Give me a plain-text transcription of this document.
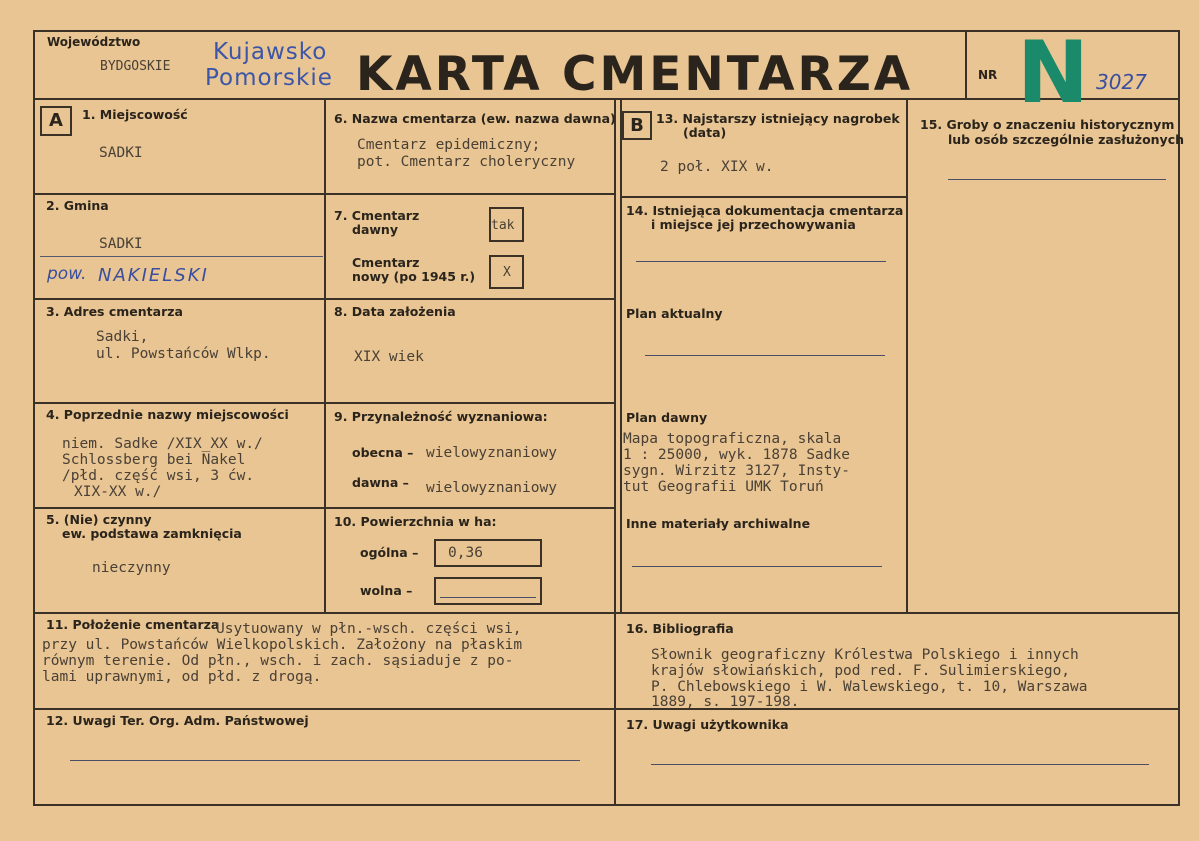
Województwo
BYDGOSKIE
Kujawsko
Pomorskie KARTA CMENTARZA	NR N 3027
A	B
1. Miejscowość
SADKI
2. Gmina
SADKI
pow. NAKIELSKI
3. Adres cmentarza
Sadki,
ul. Powstańców Wlkp.
4. Poprzednie nazwy miejscowości
niem. Sadke /XIX_XX w./
Schlossberg bei Nakel
/płd. część wsi, 3 ćw.
XIX-XX w./
5. (Nie) czynny
ew. podstawa zamknięcia
nieczynny
6. Nazwa cmentarza (ew. nazwa dawna)
Cmentarz epidemiczny;
pot. Cmentarz choleryczny
7. Cmentarz
dawny	tak
Cmentarz
nowy (po 1945 r.) X
8. Data założenia
XIX wiek
9. Przynależność wyznaniowa:
obecna – wielowyznaniowy
dawna – wielowyznaniowy
10. Powierzchnia w ha:
ogólna – 0,36
wolna –
11. Położenie cmentarza
Usytuowany w płn.-wsch. części wsi,
przy ul. Powstańców Wielkopolskich. Założony na płaskim
równym terenie. Od płn., wsch. i zach. sąsiaduje z po-
lami uprawnymi, od płd. z drogą.
12. Uwagi Ter. Org. Adm. Państwowej
13. Najstarszy istniejący nagrobek
(data)
2 poł. XIX w.
14. Istniejąca dokumentacja cmentarza
i miejsce jej przechowywania
Plan aktualny
Plan dawny
Mapa topograficzna, skala
1 : 25000, wyk. 1878 Sadke
sygn. Wirzitz 3127, Insty-
tut Geografii UMK Toruń
Inne materiały archiwalne
15. Groby o znaczeniu historycznym
lub osób szczególnie zasłużonych
16. Bibliografia
Słownik geograficzny Królestwa Polskiego i innych
krajów słowiańskich, pod red. F. Sulimierskiego,
P. Chlebowskiego i W. Walewskiego, t. 10, Warszawa
1889, s. 197-198.
17. Uwagi użytkownika
